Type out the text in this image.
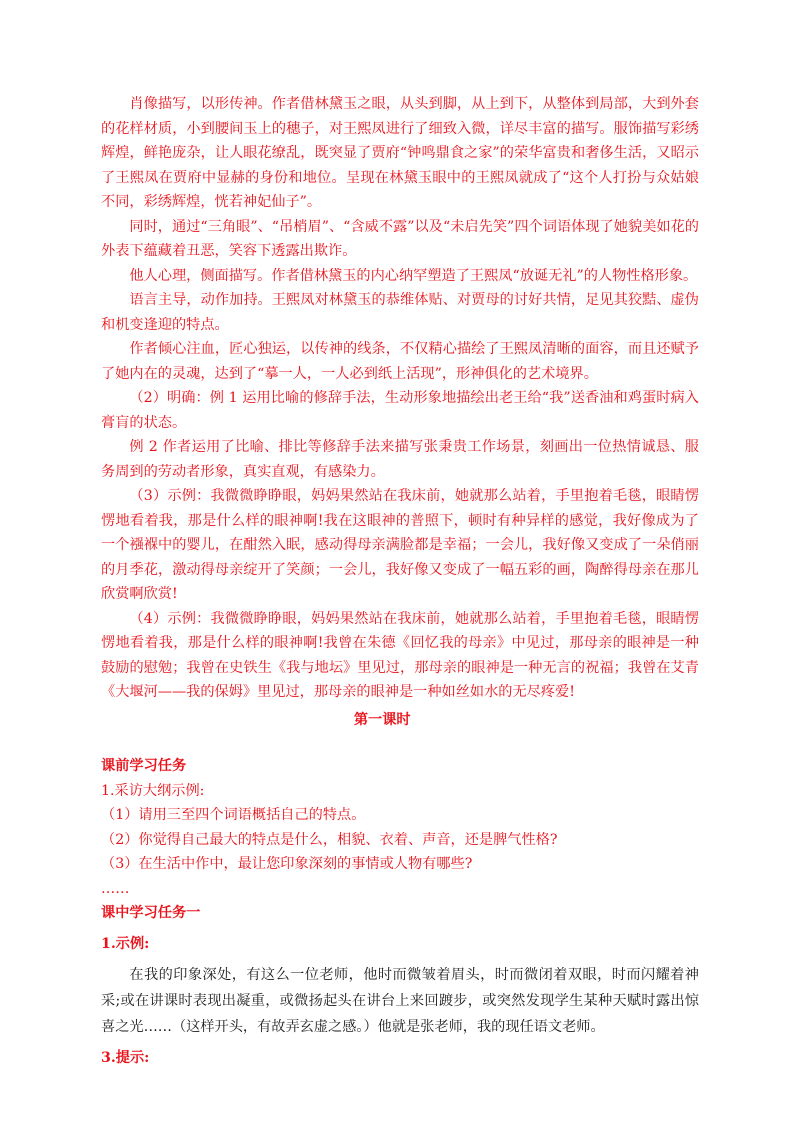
肖像描写，以形传神。作者借林黛玉之眼，从头到脚，从上到下，从整体到局部，大到外套的花样材质，小到腰间玉上的穗子，对王熙凤进行了细致入微，详尽丰富的描写。服饰描写彩绣辉煌，鲜艳庞杂，让人眼花缭乱，既突显了贾府“钟鸣鼎食之家”的荣华富贵和奢侈生活，又昭示了王熙凤在贾府中显赫的身份和地位。呈现在林黛玉眼中的王熙凤就成了“这个人打扮与众姑娘不同，彩绣辉煌，恍若神妃仙子”。

同时，通过“三角眼”、“吊梢眉”、“含威不露”以及“未启先笑”四个词语体现了她貌美如花的外表下蕴藏着丑恶，笑容下透露出欺诈。

他人心理，侧面描写。作者借林黛玉的内心纳罕塑造了王熙凤“放诞无礼”的人物性格形象。

语言主导，动作加持。王熙凤对林黛玉的恭维体贴、对贾母的讨好共情，足见其狡黠、虚伪和机变逢迎的特点。

作者倾心注血，匠心独运，以传神的线条，不仅精心描绘了王熙凤清晰的面容，而且还赋予了她内在的灵魂，达到了“摹一人，一人必到纸上活现”，形神俱化的艺术境界。

（2）明确：例 1 运用比喻的修辞手法，生动形象地描绘出老王给“我”送香油和鸡蛋时病入膏肓的状态。

例 2 作者运用了比喻、排比等修辞手法来描写张秉贵工作场景，刻画出一位热情诚恳、服务周到的劳动者形象，真实直观，有感染力。

（3）示例：我微微睁睁眼，妈妈果然站在我床前，她就那么站着，手里抱着毛毯，眼睛愣愣地看着我，那是什么样的眼神啊!我在这眼神的普照下，顿时有种异样的感觉，我好像成为了一个襁褓中的婴儿，在酣然入眠，感动得母亲满脸都是幸福；一会儿，我好像又变成了一朵俏丽的月季花，激动得母亲绽开了笑颜；一会儿，我好像又变成了一幅五彩的画，陶醉得母亲在那儿欣赏啊欣赏!

（4）示例：我微微睁睁眼，妈妈果然站在我床前，她就那么站着，手里抱着毛毯，眼睛愣愣地看着我，那是什么样的眼神啊!我曾在朱德《回忆我的母亲》中见过，那母亲的眼神是一种鼓励的慰勉；我曾在史铁生《我与地坛》里见过，那母亲的眼神是一种无言的祝福；我曾在艾青《大堰河——我的保姆》里见过，那母亲的眼神是一种如丝如水的无尽疼爱!

第一课时
课前学习任务

1.采访大纲示例:

（1）请用三至四个词语概括自己的特点。

（2）你觉得自己最大的特点是什么，相貌、衣着、声音，还是脾气性格?

（3）在生活中作中，最让您印象深刻的事情或人物有哪些?

……

课中学习任务一
1.示例:

在我的印象深处，有这么一位老师，他时而微皱着眉头，时而微闭着双眼，时而闪耀着神采;或在讲课时表现出凝重，或微扬起头在讲台上来回踱步，或突然发现学生某种天赋时露出惊喜之光……（这样开头，有故弄玄虚之感。）他就是张老师，我的现任语文老师。

3.提示:
